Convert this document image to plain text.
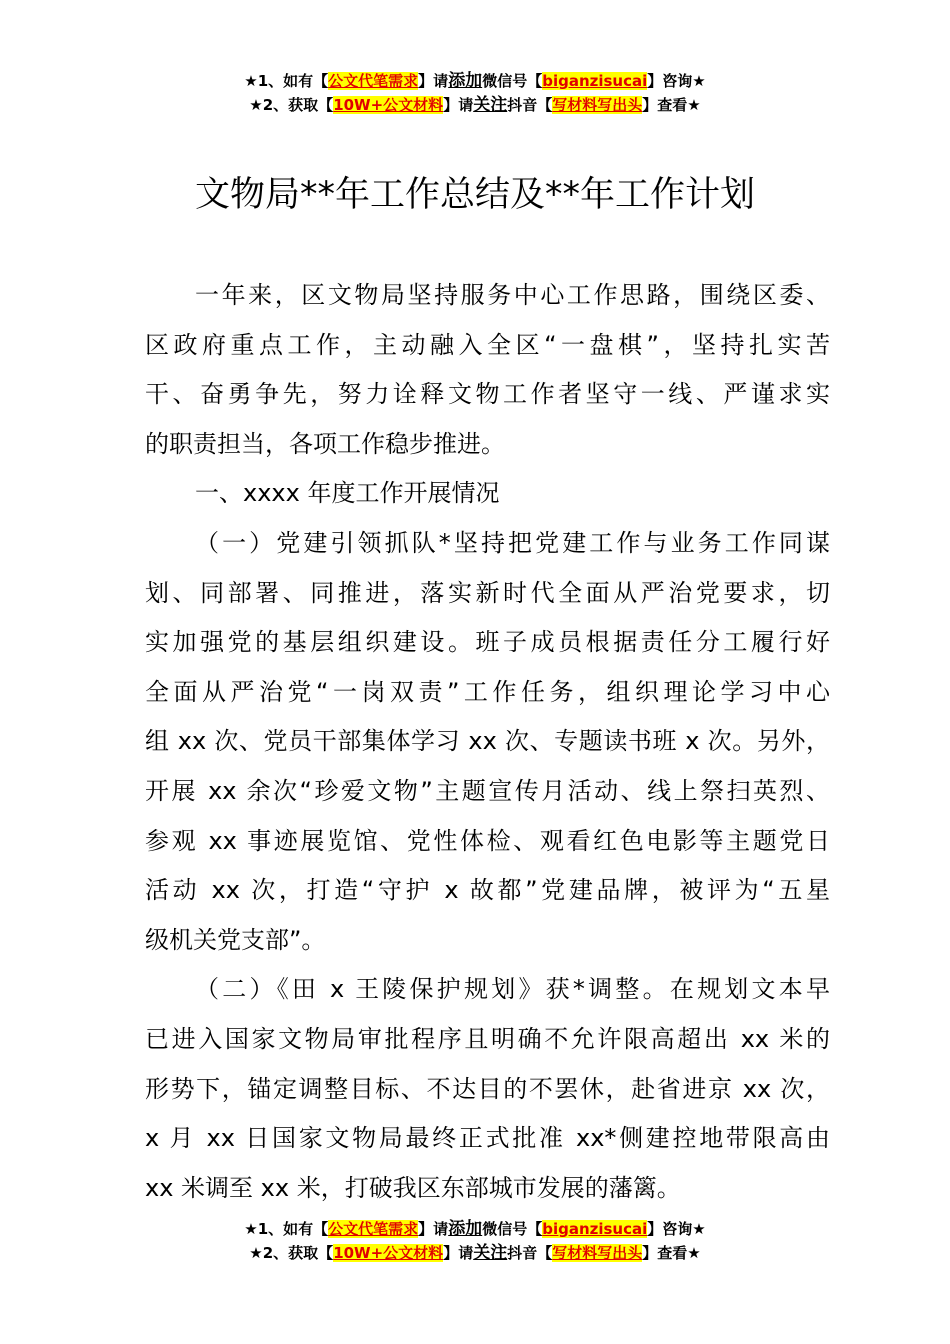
★1、如有【公文代笔需求】请添加微信号【biganzisucai】咨询★
★2、获取【10W+公文材料】请关注抖音【写材料写出头】查看★
文物局**年工作总结及**年工作计划
一年来，区文物局坚持服务中心工作思路，围绕区委、
区政府重点工作，主动融入全区“一盘棋”，坚持扎实苦
干、奋勇争先，努力诠释文物工作者坚守一线、严谨求实
的职责担当，各项工作稳步推进。
一、xxxx 年度工作开展情况
（一）党建引领抓队*坚持把党建工作与业务工作同谋
划、同部署、同推进，落实新时代全面从严治党要求，切
实加强党的基层组织建设。班子成员根据责任分工履行好
全面从严治党“一岗双责”工作任务，组织理论学习中心
组 xx 次、党员干部集体学习 xx 次、专题读书班 x 次。另外，
开展 xx 余次“珍爱文物”主题宣传月活动、线上祭扫英烈、
参观 xx 事迹展览馆、党性体检、观看红色电影等主题党日
活动 xx 次，打造“守护 x 故都”党建品牌，被评为“五星
级机关党支部”。
（二）《田 x 王陵保护规划》获*调整。在规划文本早
已进入国家文物局审批程序且明确不允许限高超出 xx 米的
形势下，锚定调整目标、不达目的不罢休，赴省进京 xx 次，
x 月 xx 日国家文物局最终正式批准 xx*侧建控地带限高由
xx 米调至 xx 米，打破我区东部城市发展的藩篱。
★1、如有【公文代笔需求】请添加微信号【biganzisucai】咨询★
★2、获取【10W+公文材料】请关注抖音【写材料写出头】查看★
